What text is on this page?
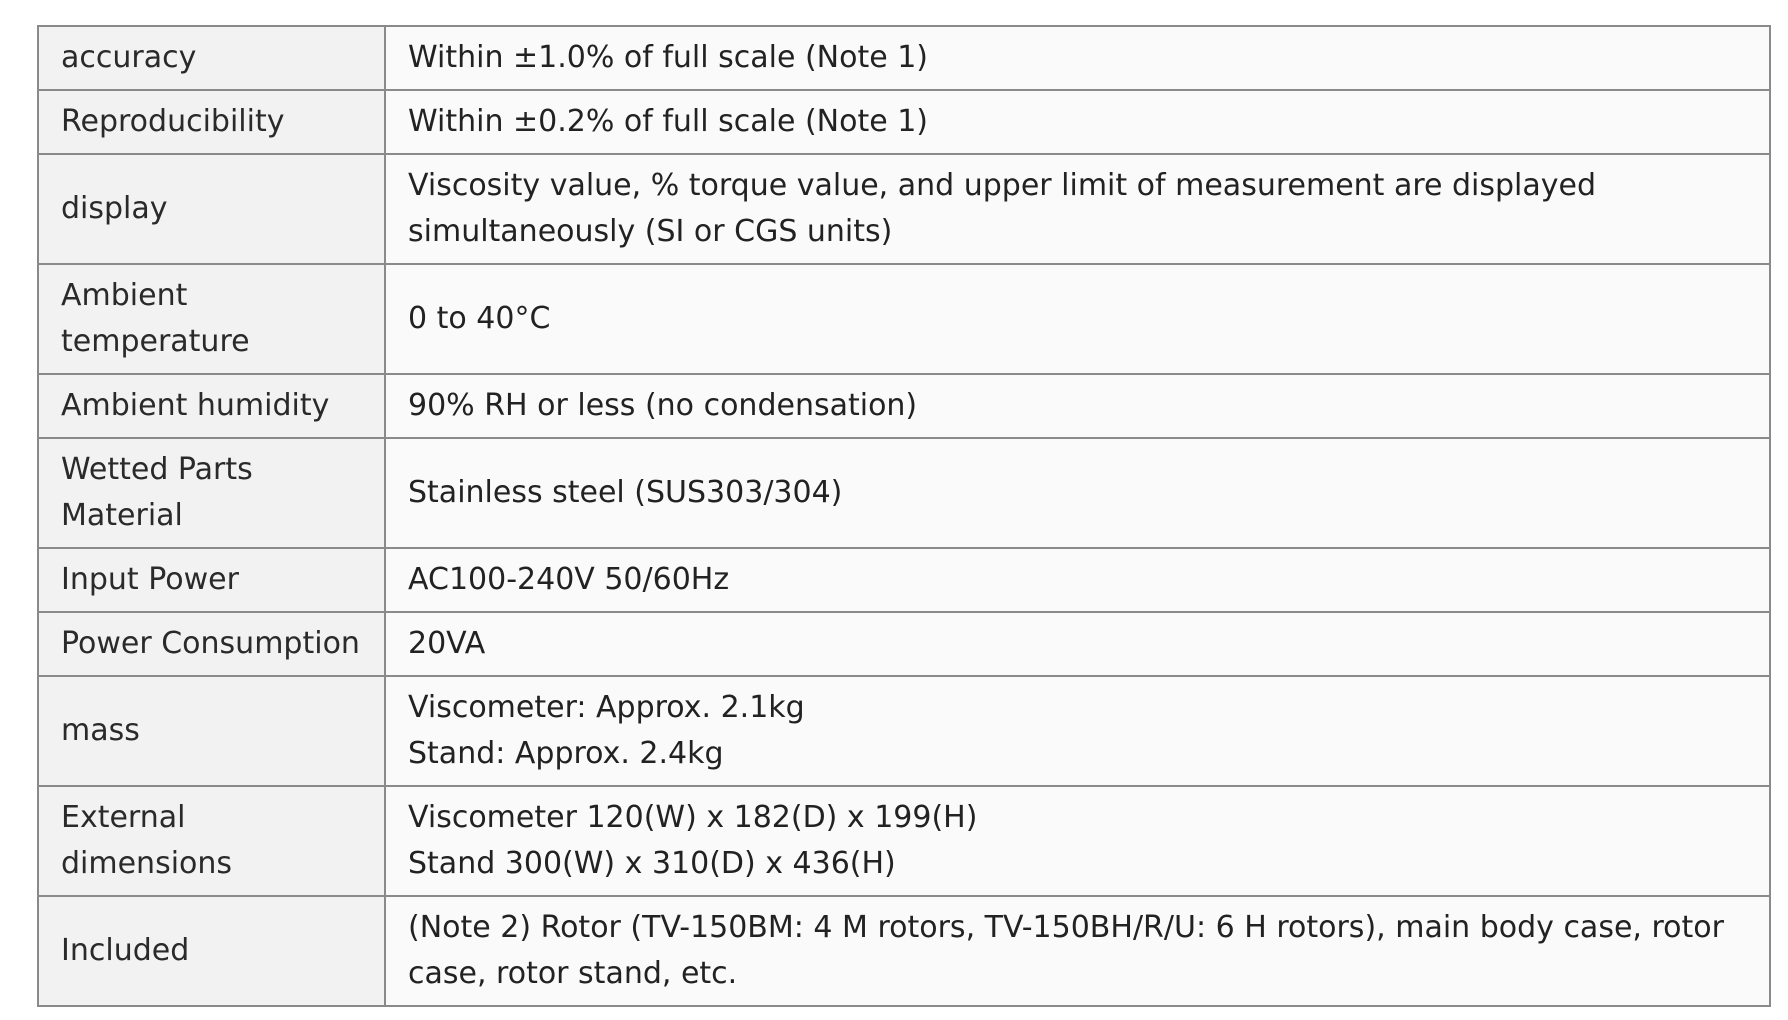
accuracy	Within ±1.0% of full scale (Note 1)

Reproducibility	Within ±0.2% of full scale (Note 1)

display	Viscosity value, % torque value, and upper limit of measurement are displayed simultaneously (SI or CGS units)

Ambient temperature	0 to 40°C

Ambient humidity	90% RH or less (no condensation)

Wetted Parts Material	Stainless steel (SUS303/304)

Input Power	AC100-240V 50/60Hz

Power Consumption	20VA

mass	Viscometer: Approx. 2.1kg
Stand: Approx. 2.4kg

External dimensions	Viscometer 120(W) x 182(D) x 199(H)
Stand 300(W) x 310(D) x 436(H)

Included	(Note 2) Rotor (TV-150BM: 4 M rotors, TV-150BH/R/U: 6 H rotors), main body case, rotor case, rotor stand, etc.
